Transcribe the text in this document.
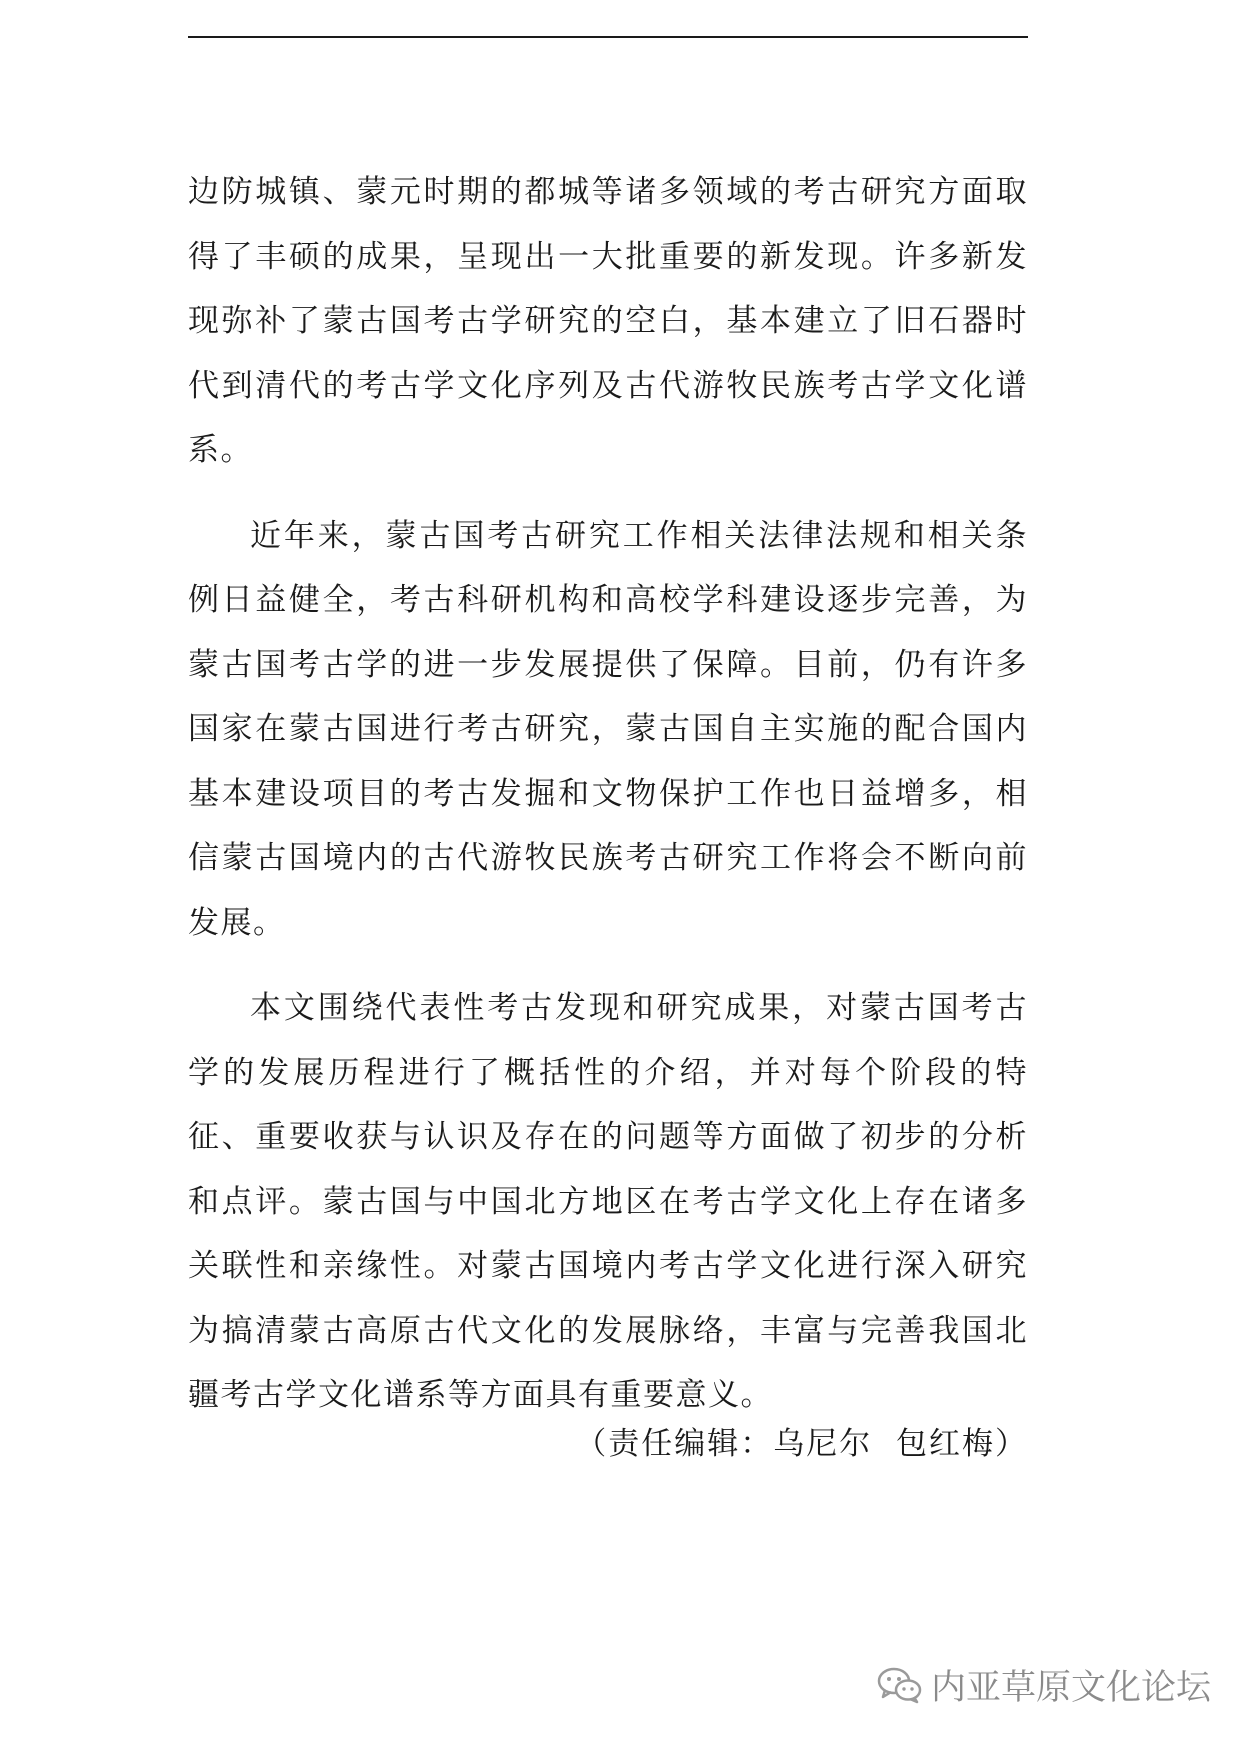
边防城镇、蒙元时期的都城等诸多领域的考古研究方面取得了丰硕的成果，呈现出一大批重要的新发现。许多新发现弥补了蒙古国考古学研究的空白，基本建立了旧石器时代到清代的考古学文化序列及古代游牧民族考古学文化谱系。

近年来，蒙古国考古研究工作相关法律法规和相关条例日益健全，考古科研机构和高校学科建设逐步完善，为蒙古国考古学的进一步发展提供了保障。目前，仍有许多国家在蒙古国进行考古研究，蒙古国自主实施的配合国内基本建设项目的考古发掘和文物保护工作也日益增多，相信蒙古国境内的古代游牧民族考古研究工作将会不断向前发展。

本文围绕代表性考古发现和研究成果，对蒙古国考古学的发展历程进行了概括性的介绍，并对每个阶段的特征、重要收获与认识及存在的问题等方面做了初步的分析和点评。蒙古国与中国北方地区在考古学文化上存在诸多关联性和亲缘性。对蒙古国境内考古学文化进行深入研究为搞清蒙古高原古代文化的发展脉络，丰富与完善我国北疆考古学文化谱系等方面具有重要意义。

（责任编辑：乌尼尔  包红梅）
内亚草原文化论坛
